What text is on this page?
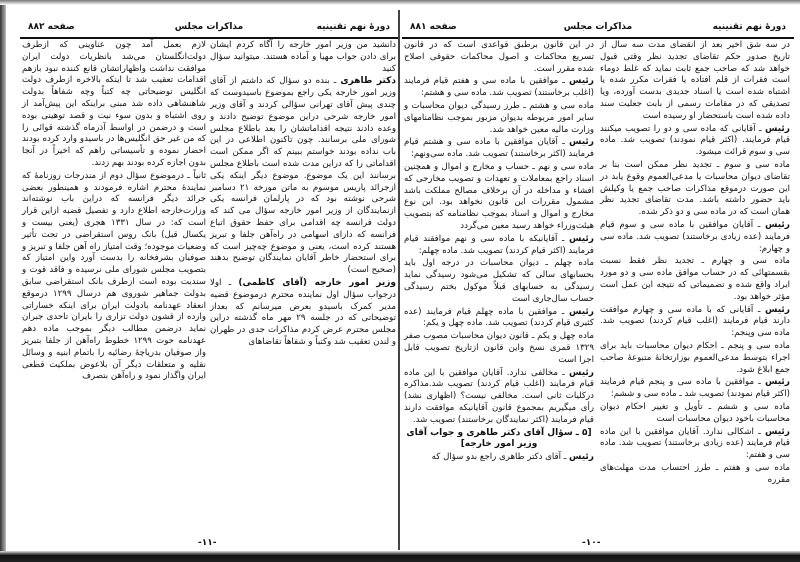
دورهٔ نهم تقنینیه
مذاکرات مجلس
صفحه ۸۸۲

دانشید من وزیر امور خارجه را آگاه کردم ایشان برای دادن جواب مهیا و آماده هستند. میتوانید سؤال کنید

دکتر طاهری ـ بنده دو سؤال که داشتم از آقای وزیر امور خارجه یکی راجع بموضوع باسیدوست که چندی پیش آقای تهرانی سؤالی کردند و آقای وزیر امور خارجه شرحی دراین موضوع توضیح دادند و وعده دادند نتیجه اقداماتشان را بعد باطلاع مجلس شورای ملی برسانند. چون تاکنون اطلاعی در این باب نداده بودند خواستم ببینم که اگر ممکن است اقداماتی را که دراین مدت شده است باطلاع مجلس برسانند این یک موضوع. موضوع دیگر اینکه یکی ازجرائد پاریس موسوم به ماتن مورخه ۲۱ دسامبر شرحی نوشته بود که در پارلمان فرانسه یکی ازنمایندگان از وزیر امور خارجه سؤال می کند که دولت فرانسه چه اقدامی برای حفظ حقوق اتباع فرانسه که دارای اسهامی در راه‌آهن جلفا و تبریز هستند کرده است، یعنی و موضوع چه‌چیز است که برای استحضار خاطر آقایان نمایندگان توضیح بدهند (صحیح است)

وزیر امور خارجه (آقای کاظمی) ـ اولا درجواب سؤال اول نماینده محترم درموضوع قضیه مدیر کمرک باسیدو بعرض میرسانم که بعداز توضیحاتی که در جلسه ۲۹ مهر ماه گذشته دراین مجلس محترم عرض کردم مذاکرات جدی در طهران و لندن تعقیب شد وکتباً و شفاهاً تقاضاهای

لازم بعمل آمد چون عناوینی که ازطرف دولت‌انگلستان می‌شد بانظریات دولت ایران موافقت نداشت واظهاراتشان قانع کننده نبود بازهم اقدامات تعقیب شد تا اینکه بالاخره ازطرف دولت انگلیس توضیحاتی چه کتباً وچه شفاهاً بدولت شاهنشاهی داده شد مبنی براینکه این پیش‌آمد از روی اشتباه و بدون سوء نیت و قصد توهینی بوده است و درضمن در اواسط آذرماه گذشته قوائی را که من غیر حق انگلیس‌ها در باسیدو وارد کرده بودند احضار نموده و تأسیساتی راهم که اخیراً در آنجا بدون اجازه کرده بودند بهم زدند.

ثانیاً ـ درموضوع سؤال دوم از مندرجات روزنامهٔ که نمایندهٔ محترم اشاره فرمودند و همینطور بعضی جرائد دیگر فرانسه که دراین باب نوشته‌اند وزارت‌خارجه اطلاع دارد و تفصیل قضیه ازاین قرار است که: در سال ۱۳۳۱ هجری (یعنی بیست و یکسال قبل) بانک روس استقراضی در تحت تأثیر وضعیات موجوده؛ وقت امتیاز راه آهن جلفا و تبریز و صوفیان بشرفخانه را بدست آورد واین امتیاز که بتصویب مجلس شورای ملی نرسیده و فاقد قوت و سندیت بوده است ازطرف بانک استقراضی سابق بدولت جماهیر شوروی هم درسال ۱۲۹۹ درموقع انعقاد عهدنامه بادولت ایران برای اینکه خساراتی وارده از قشون دولت تزاری را بایران تاحدی جبران نماید درضمن مطالب دیگر بموجب ماده دهم عهدنامه حوت ۱۲۹۹ خطوط راه‌آهن از جلفا بتبریز واز صوفیان بدریاچهٔ رضائیه را باتمام ابنیه و وسائل نقلیه و متعلقات دیگر آن بلاعوض بملکیت قطعی ایران واگذار نمود و راه‌آهن بتصرف

-۱۱-
دورهٔ نهم تقنینیه
مذاکرات مجلس
صفحه ۸۸۱

در سه شق اخیر بعد از انقضای مدت سه سال از تاریخ صدور حکم تقاضای تجدید نظر وقتی قبول خواهد شد که صاحب جمع ثابت نماید که غلط دوماء است فقرات از قلم افتاده یا فقرات مکرر شده یا اشتباه شده است یا اسناد جدیدی بدست آورده، ویا تصدیقی که در مقامات رسمی از بابت جعلیت سند داده شده است باستحضار او رسیده است

رئیس ـ آقایانی که ماده سی و دو را تصویب میکنند قیام فرمایند. (اکثر قیام نمودند) تصویب شد. ماده سی و سوم قرائت میشود.

ماده سی و سوم ـ تجدید نظر ممکن است بنا بر تقاضای دیوان محاسبات یا مدعی‌العموم وقوع یابد در این صورت درموقع مذاکرات صاحب جمع یا وکیلش باید حضور داشته باشد. مدت تقاضای تجدید نظر همان است که در ماده سی و دو ذکر شده.

رئیس ـ آقایان موافقین با ماده سی و سوم قیام فرمایند (عده زیادی برخاستند) تصویب شد. ماده سی و چهارم:

ماده سی و چهارم ـ تجدید نظر فقط نسبت بقسمتهائی که در حساب موافق ماده سی و دو مورد ایراد واقع شده و تصمیماتی که نتیجه این عمل است مؤثر خواهد بود.

رئیس ـ آقایانی که با ماده سی و چهارم موافقت دارند قیام فرمایند (اغلب قیام کردند) تصویب شد. ماده سی وپنجم:

ماده سی و پنجم ـ احکام دیوان محاسبات باید برای اجراء بتوسط مدعی‌العموم بوزارتخانهٔ متبوعهٔ صاحب جمع ابلاغ شود.

رئیس ـ موافقین با ماده سی و پنجم قیام فرمایند (اکثر قیام نمودند) تصویب شد ـ ماده سی و ششم:

ماده سی و ششم ـ تأویل و تغییر احکام دیوان محاسبات باخود دیوان محاسبات است

رئیس ـ اشکالی ندارد. آقایان موافقین با این ماده قیام فرمایند (عده زیادی برخاستند) تصویب شد. ماده سی و هفتم:

ماده سی و هفتم ـ طرز احتساب مدت مهلت‌های مقرره

در این قانون برطبق قواعدی است که در قانون تسریع محاکمات و اصول محاکمات حقوقی اصلاح شده مقرر است.

رئیس ـ موافقین با ماده سی و هفتم قیام فرمایند (اغلب برخاستند) تصویب شد. ماده سی و هشتم:

ماده سی و هشتم ـ طرز رسیدگی دیوان محاسبات و سایر امور مربوطه بدیوان مزبور بموجب نظامنامهای وزارت مالیه معین خواهد شد.

رئیس ـ آقایان موافقین با ماده سی و هشتم قیام فرمایند (اکثر برخاستند) تصویب شد. ماده سی‌ونهم:

ماده سی و نهم ـ حساب و مخارج و اموال و همچنین اسناد راجع بمعاملات و تعهدات و تصویب مخارجی که افشاء و مداخله در آن برخلاف مصالح مملکت باشد مشمول مقررات این قانون نخواهد بود. این نوع مخارج و اموال و اسناد بموجب نظامنامه‌ که بتصویب هیئت‌وزراء خواهد رسید معین می‌گردد

رئیس ـ آقایانیکه با ماده سی و نهم موافقند قیام فرمایند (اکثر قیام کردند) تصویب شد. ماده چهلم:

ماده چهلم ـ دیوان محاسبات در درجه اول باید بحسابهای سالی که تشکیل می‌شود رسیدگی نماید رسیدگی به حسابهای قبلاً موکول بختم رسیدگی حساب سال‌جاری است

رئیس ـ موافقین با ماده چهلم قیام فرمایند (عده کثیری قیام کردند) تصویب شد. ماده چهل و یکم:

ماده چهل و یکم ـ قانون دیوان محاسبات مصوب صفر ۱۳۲۹ قمری نسخ واین قانون ازتاریخ تصویب قابل اجرا است

رئیس ـ مخالفی ندارد. آقایان موافقین با این ماده قیام فرمایند (اغلب قیام کردند) تصویب شد.مذاکره درکلیات ثانی است. مخالفی نیست؟ (اظهاری نشد) رأی میگیریم بمجموع قانون آقایانیکه موافقت دارند قیام فرمایند (اکثر نمایندگان برخاستند) تصویب شد.

[۵ ـ سؤال آقای دکتر طاهری و جواب آقای وزیر امور خارجه]

رئیس ـ آقای دکتر طاهری راجع بدو سؤال که

-۱۰-
